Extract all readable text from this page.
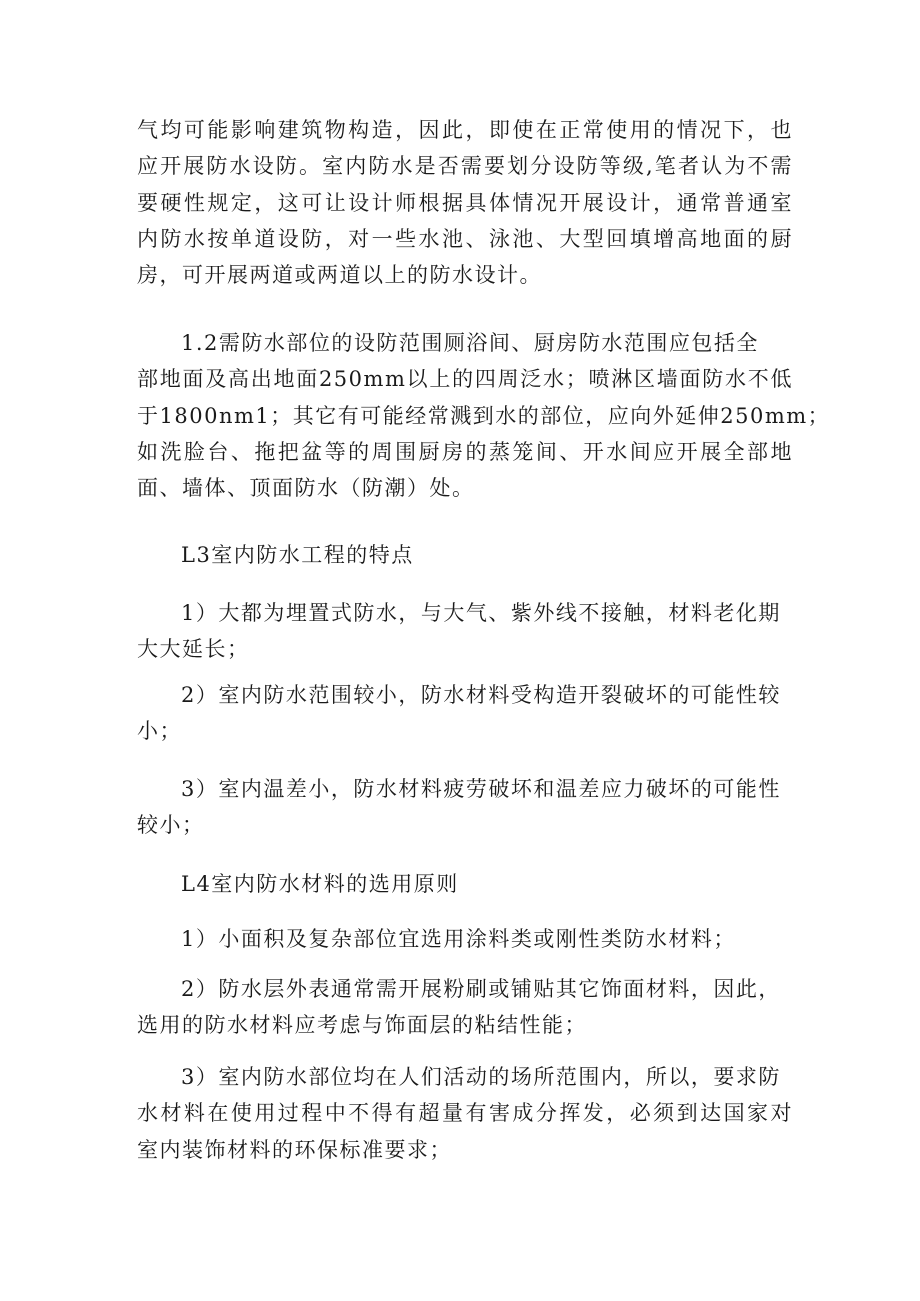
气均可能影响建筑物构造，因此，即使在正常使用的情况下，也
应开展防水设防。室内防水是否需要划分设防等级,笔者认为不需
要硬性规定，这可让设计师根据具体情况开展设计，通常普通室
内防水按单道设防，对一些水池、泳池、大型回填增高地面的厨
房，可开展两道或两道以上的防水设计。
1.2需防水部位的设防范围厕浴间、厨房防水范围应包括全
部地面及高出地面250mm以上的四周泛水；喷淋区墙面防水不低
于1800nm1；其它有可能经常溅到水的部位，应向外延伸250mm；
如洗脸台、拖把盆等的周围厨房的蒸笼间、开水间应开展全部地
面、墙体、顶面防水（防潮）处。
L3室内防水工程的特点
1）大都为埋置式防水，与大气、紫外线不接触，材料老化期
大大延长；
2）室内防水范围较小，防水材料受构造开裂破坏的可能性较
小；
3）室内温差小，防水材料疲劳破坏和温差应力破坏的可能性
较小；
L4室内防水材料的选用原则
1）小面积及复杂部位宜选用涂料类或刚性类防水材料；
2）防水层外表通常需开展粉刷或铺贴其它饰面材料，因此，
选用的防水材料应考虑与饰面层的粘结性能；
3）室内防水部位均在人们活动的场所范围内，所以，要求防
水材料在使用过程中不得有超量有害成分挥发，必须到达国家对
室内装饰材料的环保标准要求；
